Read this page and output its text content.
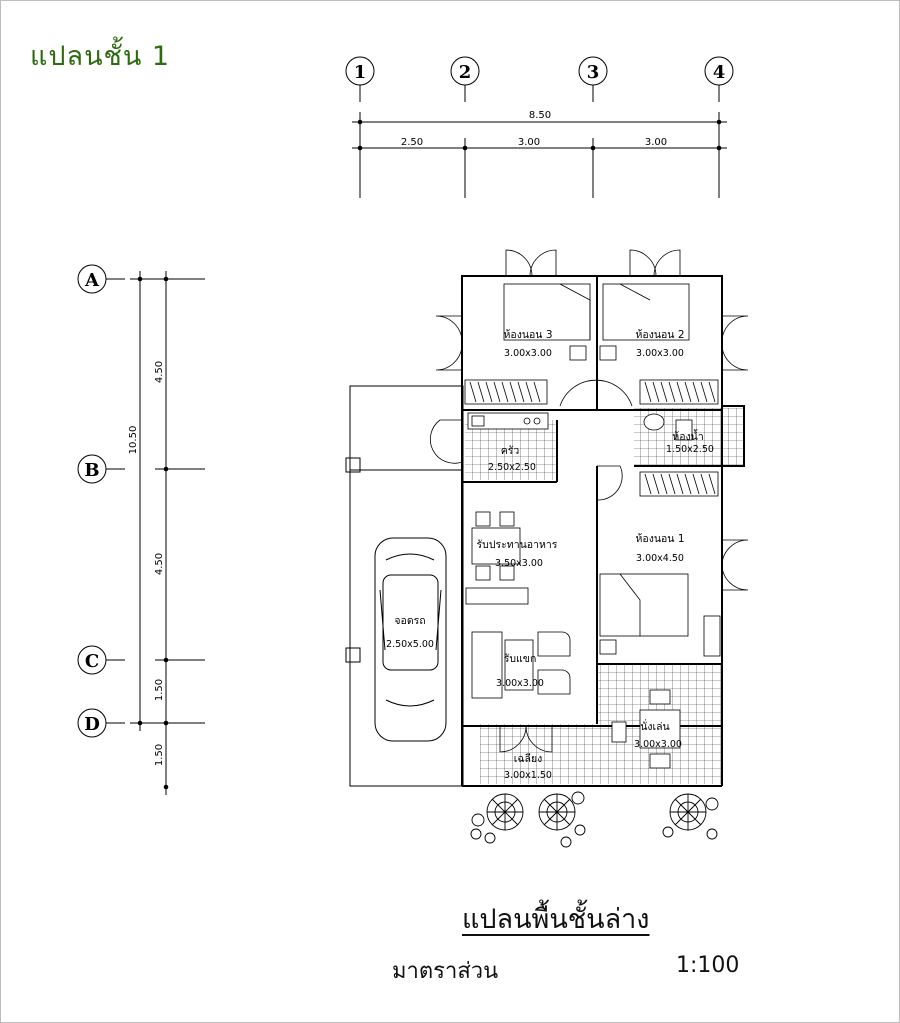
แปลนชั้น 1
1	2	3	4
8.50
2.50	3.00	3.00
A
B
C
D
10.50
4.50
4.50
1.50
1.50
ห้องนอน 3
3.00x3.00
ห้องนอน 2
3.00x3.00
ห้องน้ำ
1.50x2.50
ครัว
2.50x2.50
ห้องนอน 1
3.00x4.50
รับประทานอาหาร
3.50x3.00
จอดรถ
2.50x5.00
รับแขก
3.00x3.00
นั่งเล่น
3.00x3.00
เฉลียง
3.00x1.50
แปลนพื้นชั้นล่าง
มาตราส่วน	1:100
